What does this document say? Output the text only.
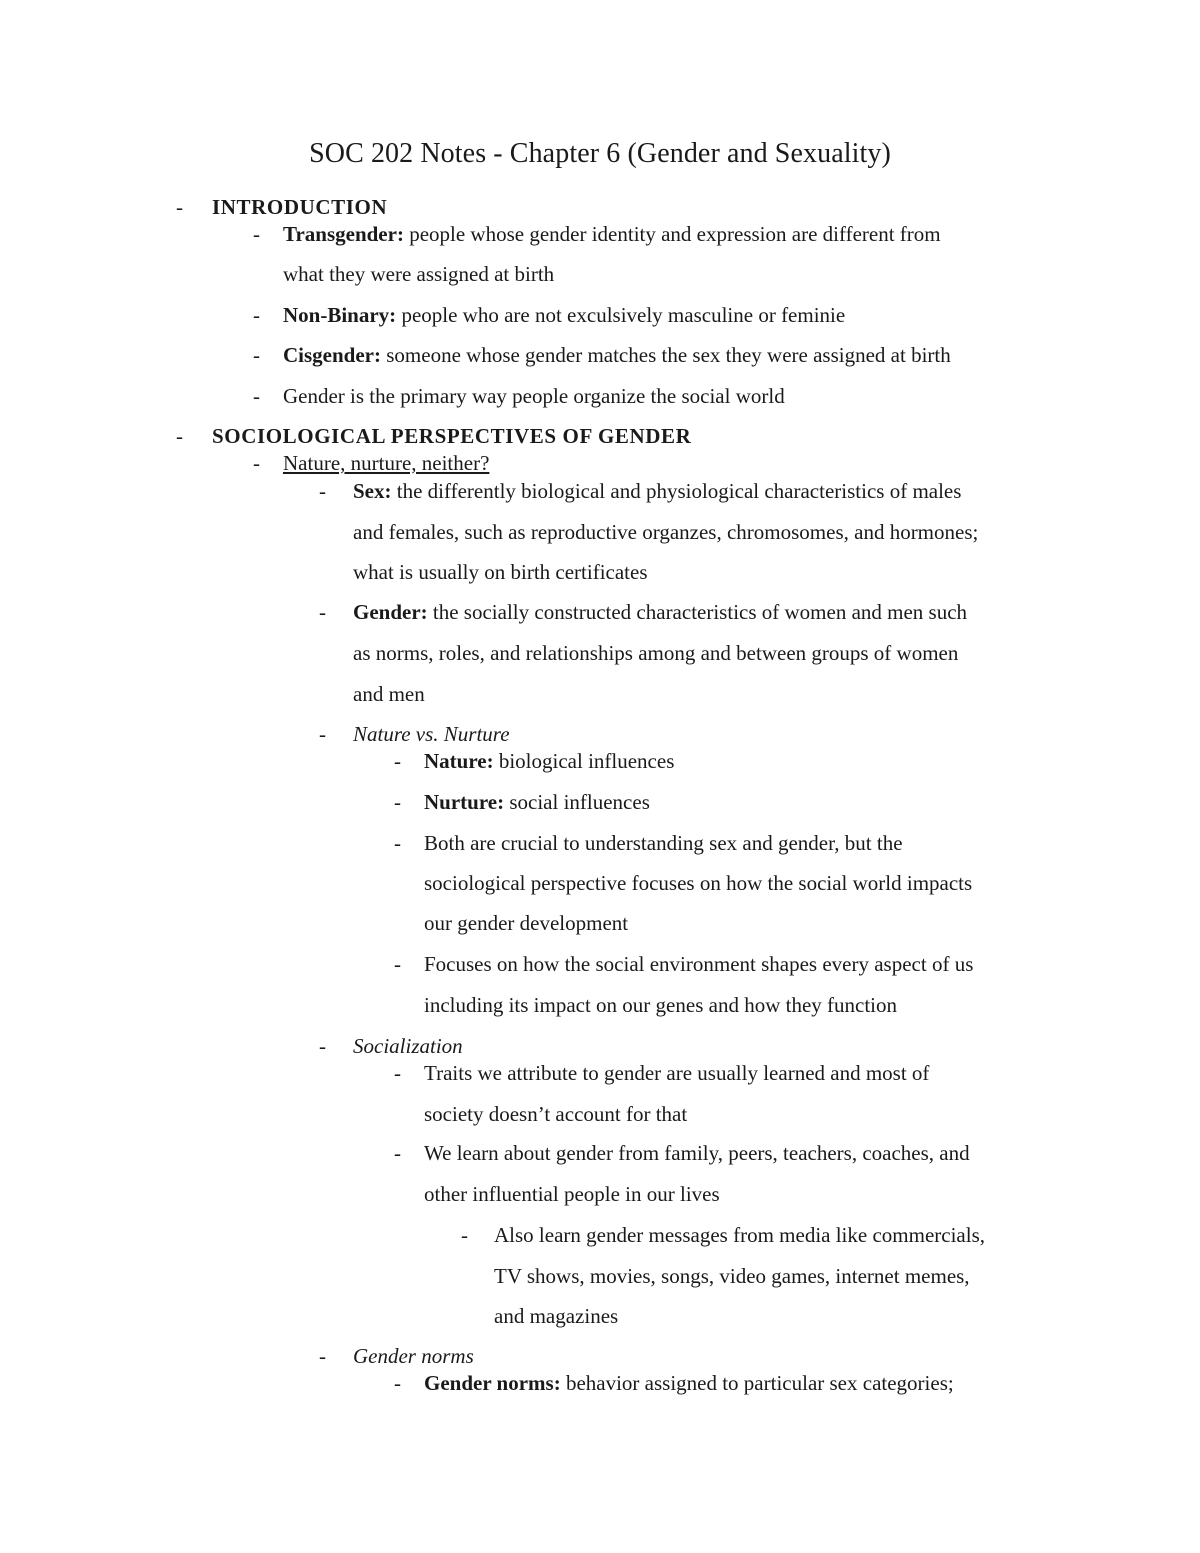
SOC 202 Notes - Chapter 6 (Gender and Sexuality)
- INTRODUCTION
- Transgender: people whose gender identity and expression are different from
what they were assigned at birth
- Non-Binary: people who are not exculsively masculine or feminie
- Cisgender: someone whose gender matches the sex they were assigned at birth
- Gender is the primary way people organize the social world
- SOCIOLOGICAL PERSPECTIVES OF GENDER
- Nature, nurture, neither?
- Sex: the differently biological and physiological characteristics of males
and females, such as reproductive organzes, chromosomes, and hormones;
what is usually on birth certificates
- Gender: the socially constructed characteristics of women and men such
as norms, roles, and relationships among and between groups of women
and men
- Nature vs. Nurture
- Nature: biological influences
- Nurture: social influences
- Both are crucial to understanding sex and gender, but the
sociological perspective focuses on how the social world impacts
our gender development
- Focuses on how the social environment shapes every aspect of us
including its impact on our genes and how they function
- Socialization
- Traits we attribute to gender are usually learned and most of
society doesn’t account for that
- We learn about gender from family, peers, teachers, coaches, and
other influential people in our lives
- Also learn gender messages from media like commercials,
TV shows, movies, songs, video games, internet memes,
and magazines
- Gender norms
- Gender norms: behavior assigned to particular sex categories;
